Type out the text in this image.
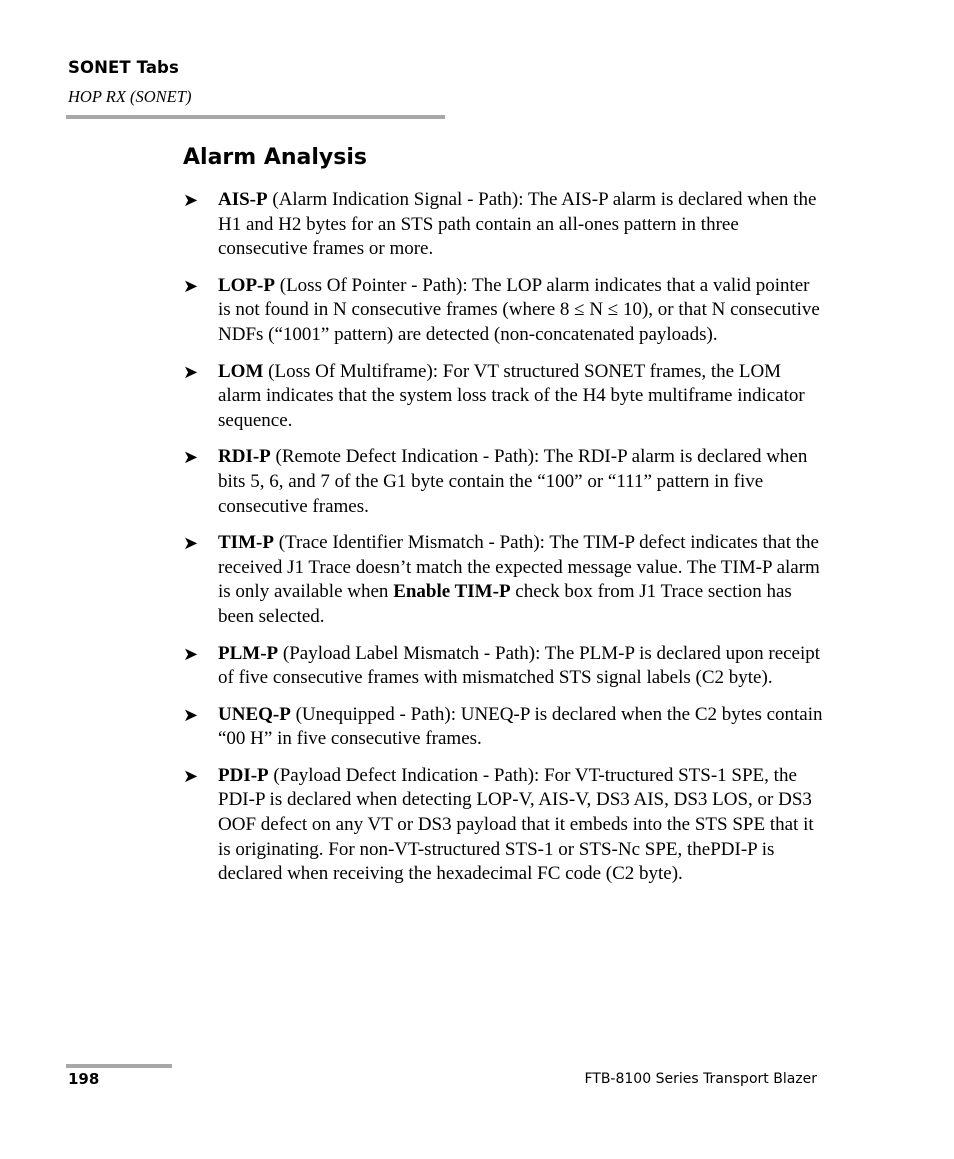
SONET Tabs
HOP RX (SONET)
Alarm Analysis
➤ AIS-P (Alarm Indication Signal - Path): The AIS-P alarm is declared when the H1 and H2 bytes for an STS path contain an all-ones pattern in three consecutive frames or more.
➤ LOP-P (Loss Of Pointer - Path): The LOP alarm indicates that a valid pointer is not found in N consecutive frames (where 8 ≤ N ≤ 10), or that N consecutive NDFs (“1001” pattern) are detected (non-concatenated payloads).
➤ LOM (Loss Of Multiframe): For VT structured SONET frames, the LOM alarm indicates that the system loss track of the H4 byte multiframe indicator sequence.
➤ RDI-P (Remote Defect Indication - Path): The RDI-P alarm is declared when bits 5, 6, and 7 of the G1 byte contain the “100” or “111” pattern in five consecutive frames.
➤ TIM-P (Trace Identifier Mismatch - Path): The TIM-P defect indicates that the received J1 Trace doesn’t match the expected message value. The TIM-P alarm is only available when Enable TIM-P check box from J1 Trace section has been selected.
➤ PLM-P (Payload Label Mismatch - Path): The PLM-P is declared upon receipt of five consecutive frames with mismatched STS signal labels (C2 byte).
➤ UNEQ-P (Unequipped - Path): UNEQ-P is declared when the C2 bytes contain “00 H” in five consecutive frames.
➤ PDI-P (Payload Defect Indication - Path): For VT-tructured STS-1 SPE, the PDI-P is declared when detecting LOP-V, AIS-V, DS3 AIS, DS3 LOS, or DS3 OOF defect on any VT or DS3 payload that it embeds into the STS SPE that it is originating. For non-VT-structured STS-1 or STS-Nc SPE, thePDI-P is declared when receiving the hexadecimal FC code (C2 byte).
198	FTB-8100 Series Transport Blazer
